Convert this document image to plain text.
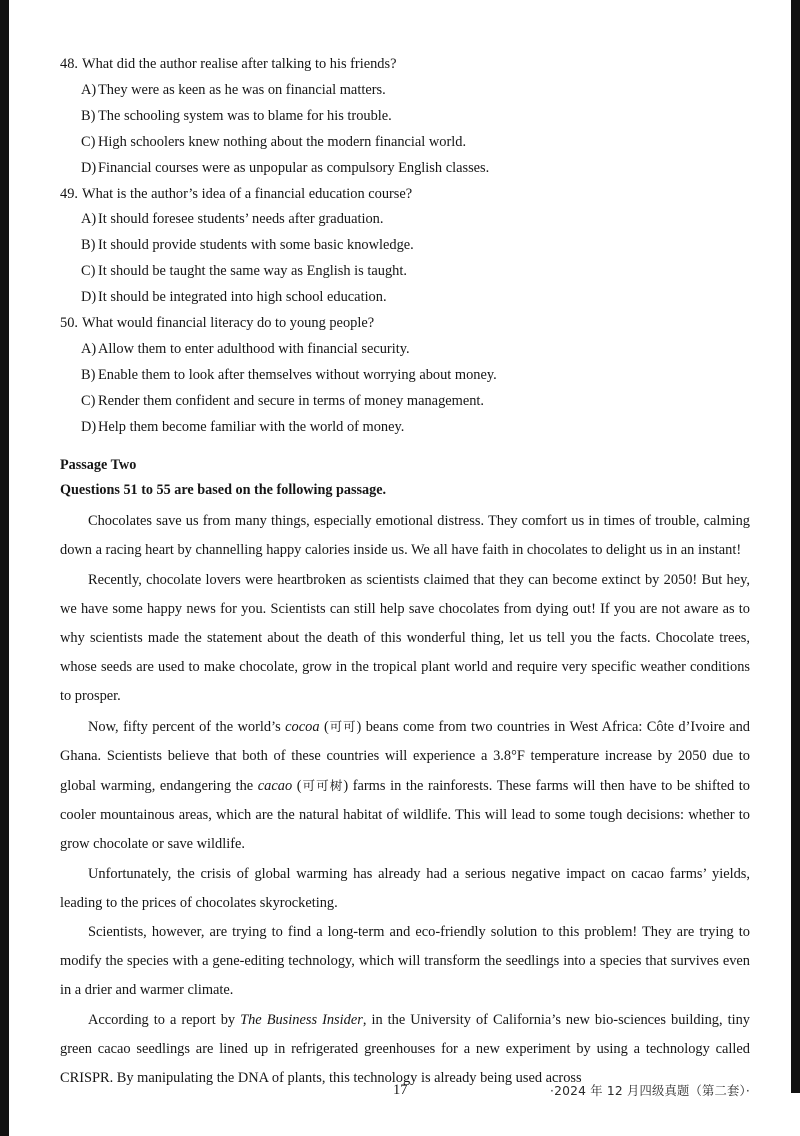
48. What did the author realise after talking to his friends?
A) They were as keen as he was on financial matters.
B) The schooling system was to blame for his trouble.
C) High schoolers knew nothing about the modern financial world.
D) Financial courses were as unpopular as compulsory English classes.
49. What is the author’s idea of a financial education course?
A) It should foresee students’ needs after graduation.
B) It should provide students with some basic knowledge.
C) It should be taught the same way as English is taught.
D) It should be integrated into high school education.
50. What would financial literacy do to young people?
A) Allow them to enter adulthood with financial security.
B) Enable them to look after themselves without worrying about money.
C) Render them confident and secure in terms of money management.
D) Help them become familiar with the world of money.
Passage Two
Questions 51 to 55 are based on the following passage.

Chocolates save us from many things, especially emotional distress. They comfort us in times of trouble, calming down a racing heart by channelling happy calories inside us. We all have faith in chocolates to delight us in an instant!

Recently, chocolate lovers were heartbroken as scientists claimed that they can become extinct by 2050! But hey, we have some happy news for you. Scientists can still help save chocolates from dying out! If you are not aware as to why scientists made the statement about the death of this wonderful thing, let us tell you the facts. Chocolate trees, whose seeds are used to make chocolate, grow in the tropical plant world and require very specific weather conditions to prosper.

Now, fifty percent of the world’s cocoa (可可) beans come from two countries in West Africa: Côte d’Ivoire and Ghana. Scientists believe that both of these countries will experience a 3.8°F temperature increase by 2050 due to global warming, endangering the cacao (可可树) farms in the rainforests. These farms will then have to be shifted to cooler mountainous areas, which are the natural habitat of wildlife. This will lead to some tough decisions: whether to grow chocolate or save wildlife.

Unfortunately, the crisis of global warming has already had a serious negative impact on cacao farms’ yields, leading to the prices of chocolates skyrocketing.

Scientists, however, are trying to find a long-term and eco-friendly solution to this problem! They are trying to modify the species with a gene-editing technology, which will transform the seedlings into a species that survives even in a drier and warmer climate.

According to a report by The Business Insider, in the University of California’s new bio-sciences building, tiny green cacao seedlings are lined up in refrigerated greenhouses for a new experiment by using a technology called CRISPR. By manipulating the DNA of plants, this technology is already being used across

17	·2024 年 12 月四级真题（第二套）·
